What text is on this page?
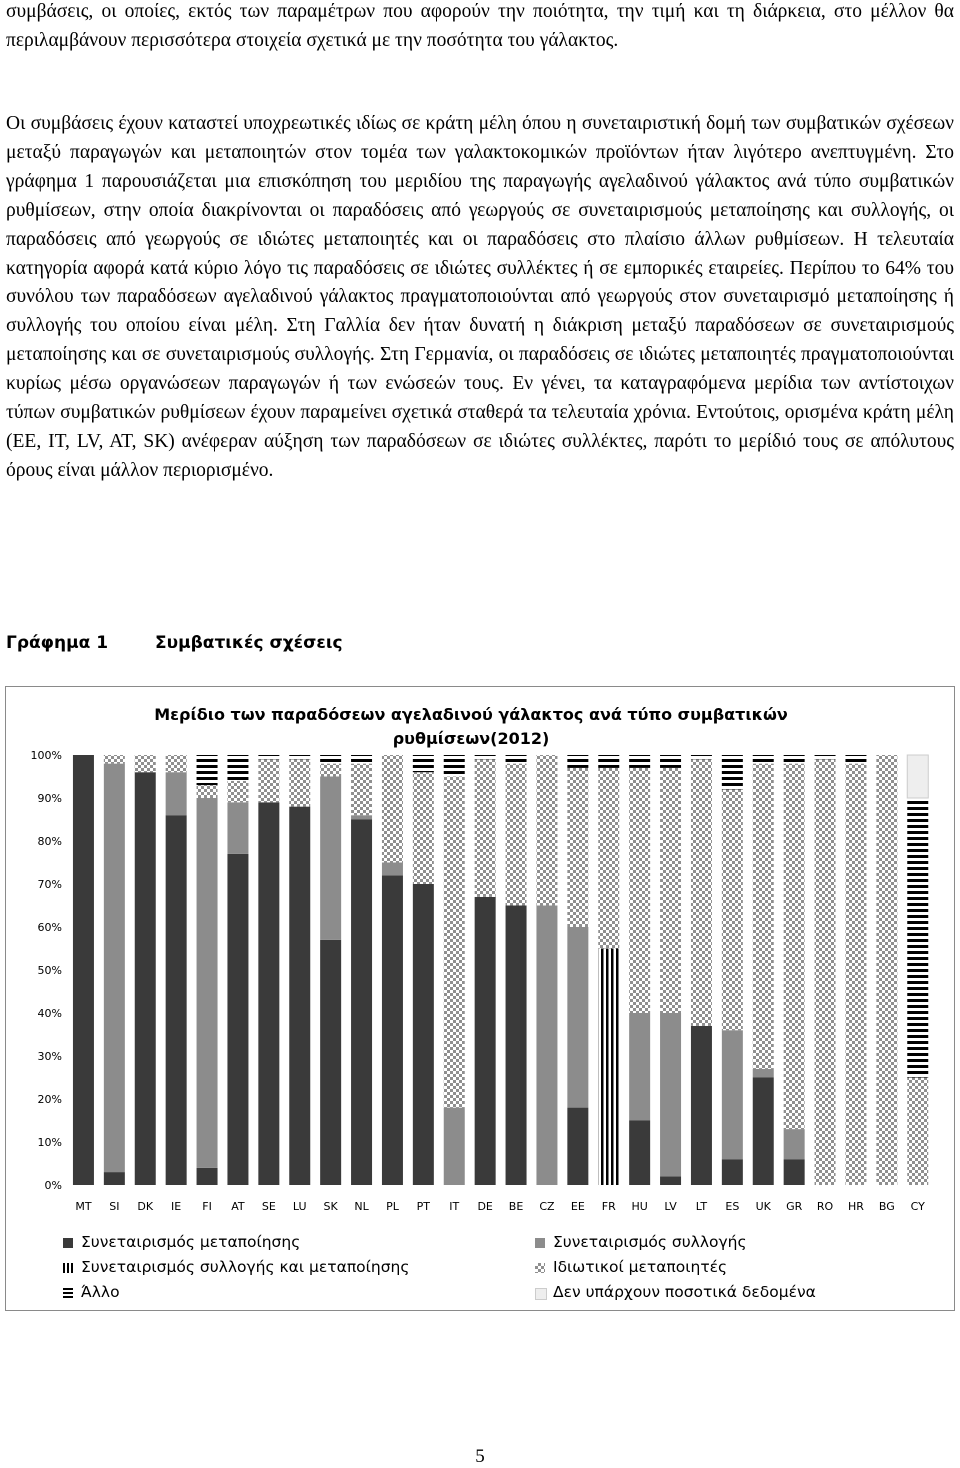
συμβάσεις, οι οποίες, εκτός των παραμέτρων που αφορούν την ποιότητα, την τιμή και τη διάρκεια, στο μέλλον θα περιλαμβάνουν περισσότερα στοιχεία σχετικά με την ποσότητα του γάλακτος.

Οι συμβάσεις έχουν καταστεί υποχρεωτικές ιδίως σε κράτη μέλη όπου η συνεταιριστική δομή των συμβατικών σχέσεων μεταξύ παραγωγών και μεταποιητών στον τομέα των γαλακτοκομικών προϊόντων ήταν λιγότερο ανεπτυγμένη. Στο γράφημα 1 παρουσιάζεται μια επισκόπηση του μεριδίου της παραγωγής αγελαδινού γάλακτος ανά τύπο συμβατικών ρυθμίσεων, στην οποία διακρίνονται οι παραδόσεις από γεωργούς σε συνεταιρισμούς μεταποίησης και συλλογής, οι παραδόσεις από γεωργούς σε ιδιώτες μεταποιητές και οι παραδόσεις στο πλαίσιο άλλων ρυθμίσεων. Η τελευταία κατηγορία αφορά κατά κύριο λόγο τις παραδόσεις σε ιδιώτες συλλέκτες ή σε εμπορικές εταιρείες. Περίπου το 64% του συνόλου των παραδόσεων αγελαδινού γάλακτος πραγματοποιούνται από γεωργούς στον συνεταιρισμό μεταποίησης ή συλλογής του οποίου είναι μέλη. Στη Γαλλία δεν ήταν δυνατή η διάκριση μεταξύ παραδόσεων σε συνεταιρισμούς μεταποίησης και σε συνεταιρισμούς συλλογής. Στη Γερμανία, οι παραδόσεις σε ιδιώτες μεταποιητές πραγματοποιούνται κυρίως μέσω οργανώσεων παραγωγών ή των ενώσεών τους. Εν γένει, τα καταγραφόμενα μερίδια των αντίστοιχων τύπων συμβατικών ρυθμίσεων έχουν παραμείνει σχετικά σταθερά τα τελευταία χρόνια. Εντούτοις, ορισμένα κράτη μέλη (EE, IT, LV, AT, SK) ανέφεραν αύξηση των παραδόσεων σε ιδιώτες συλλέκτες, παρότι το μερίδιό τους σε απόλυτους όρους είναι μάλλον περιορισμένο.

Γράφημα 1	Συμβατικές σχέσεις
Μερίδιο των παραδόσεων αγελαδινού γάλακτος ανά τύπο συμβατικών
ρυθμίσεων(2012)
0%
10%
20%
30%
40%
50%
60%
70%
80%
90%
100%
MT SI DK IE FI AT SE LU SK NL PL PT IT DE BE CZ EE FR HU LV LT ES UK GR RO HR BG CY
Συνεταιρισμός μεταποίησης	Συνεταιρισμός συλλογής
Συνεταιρισμός συλλογής και μεταποίησης	Ιδιωτικοί μεταποιητές
Άλλο	Δεν υπάρχουν ποσοτικά δεδομένα
5
